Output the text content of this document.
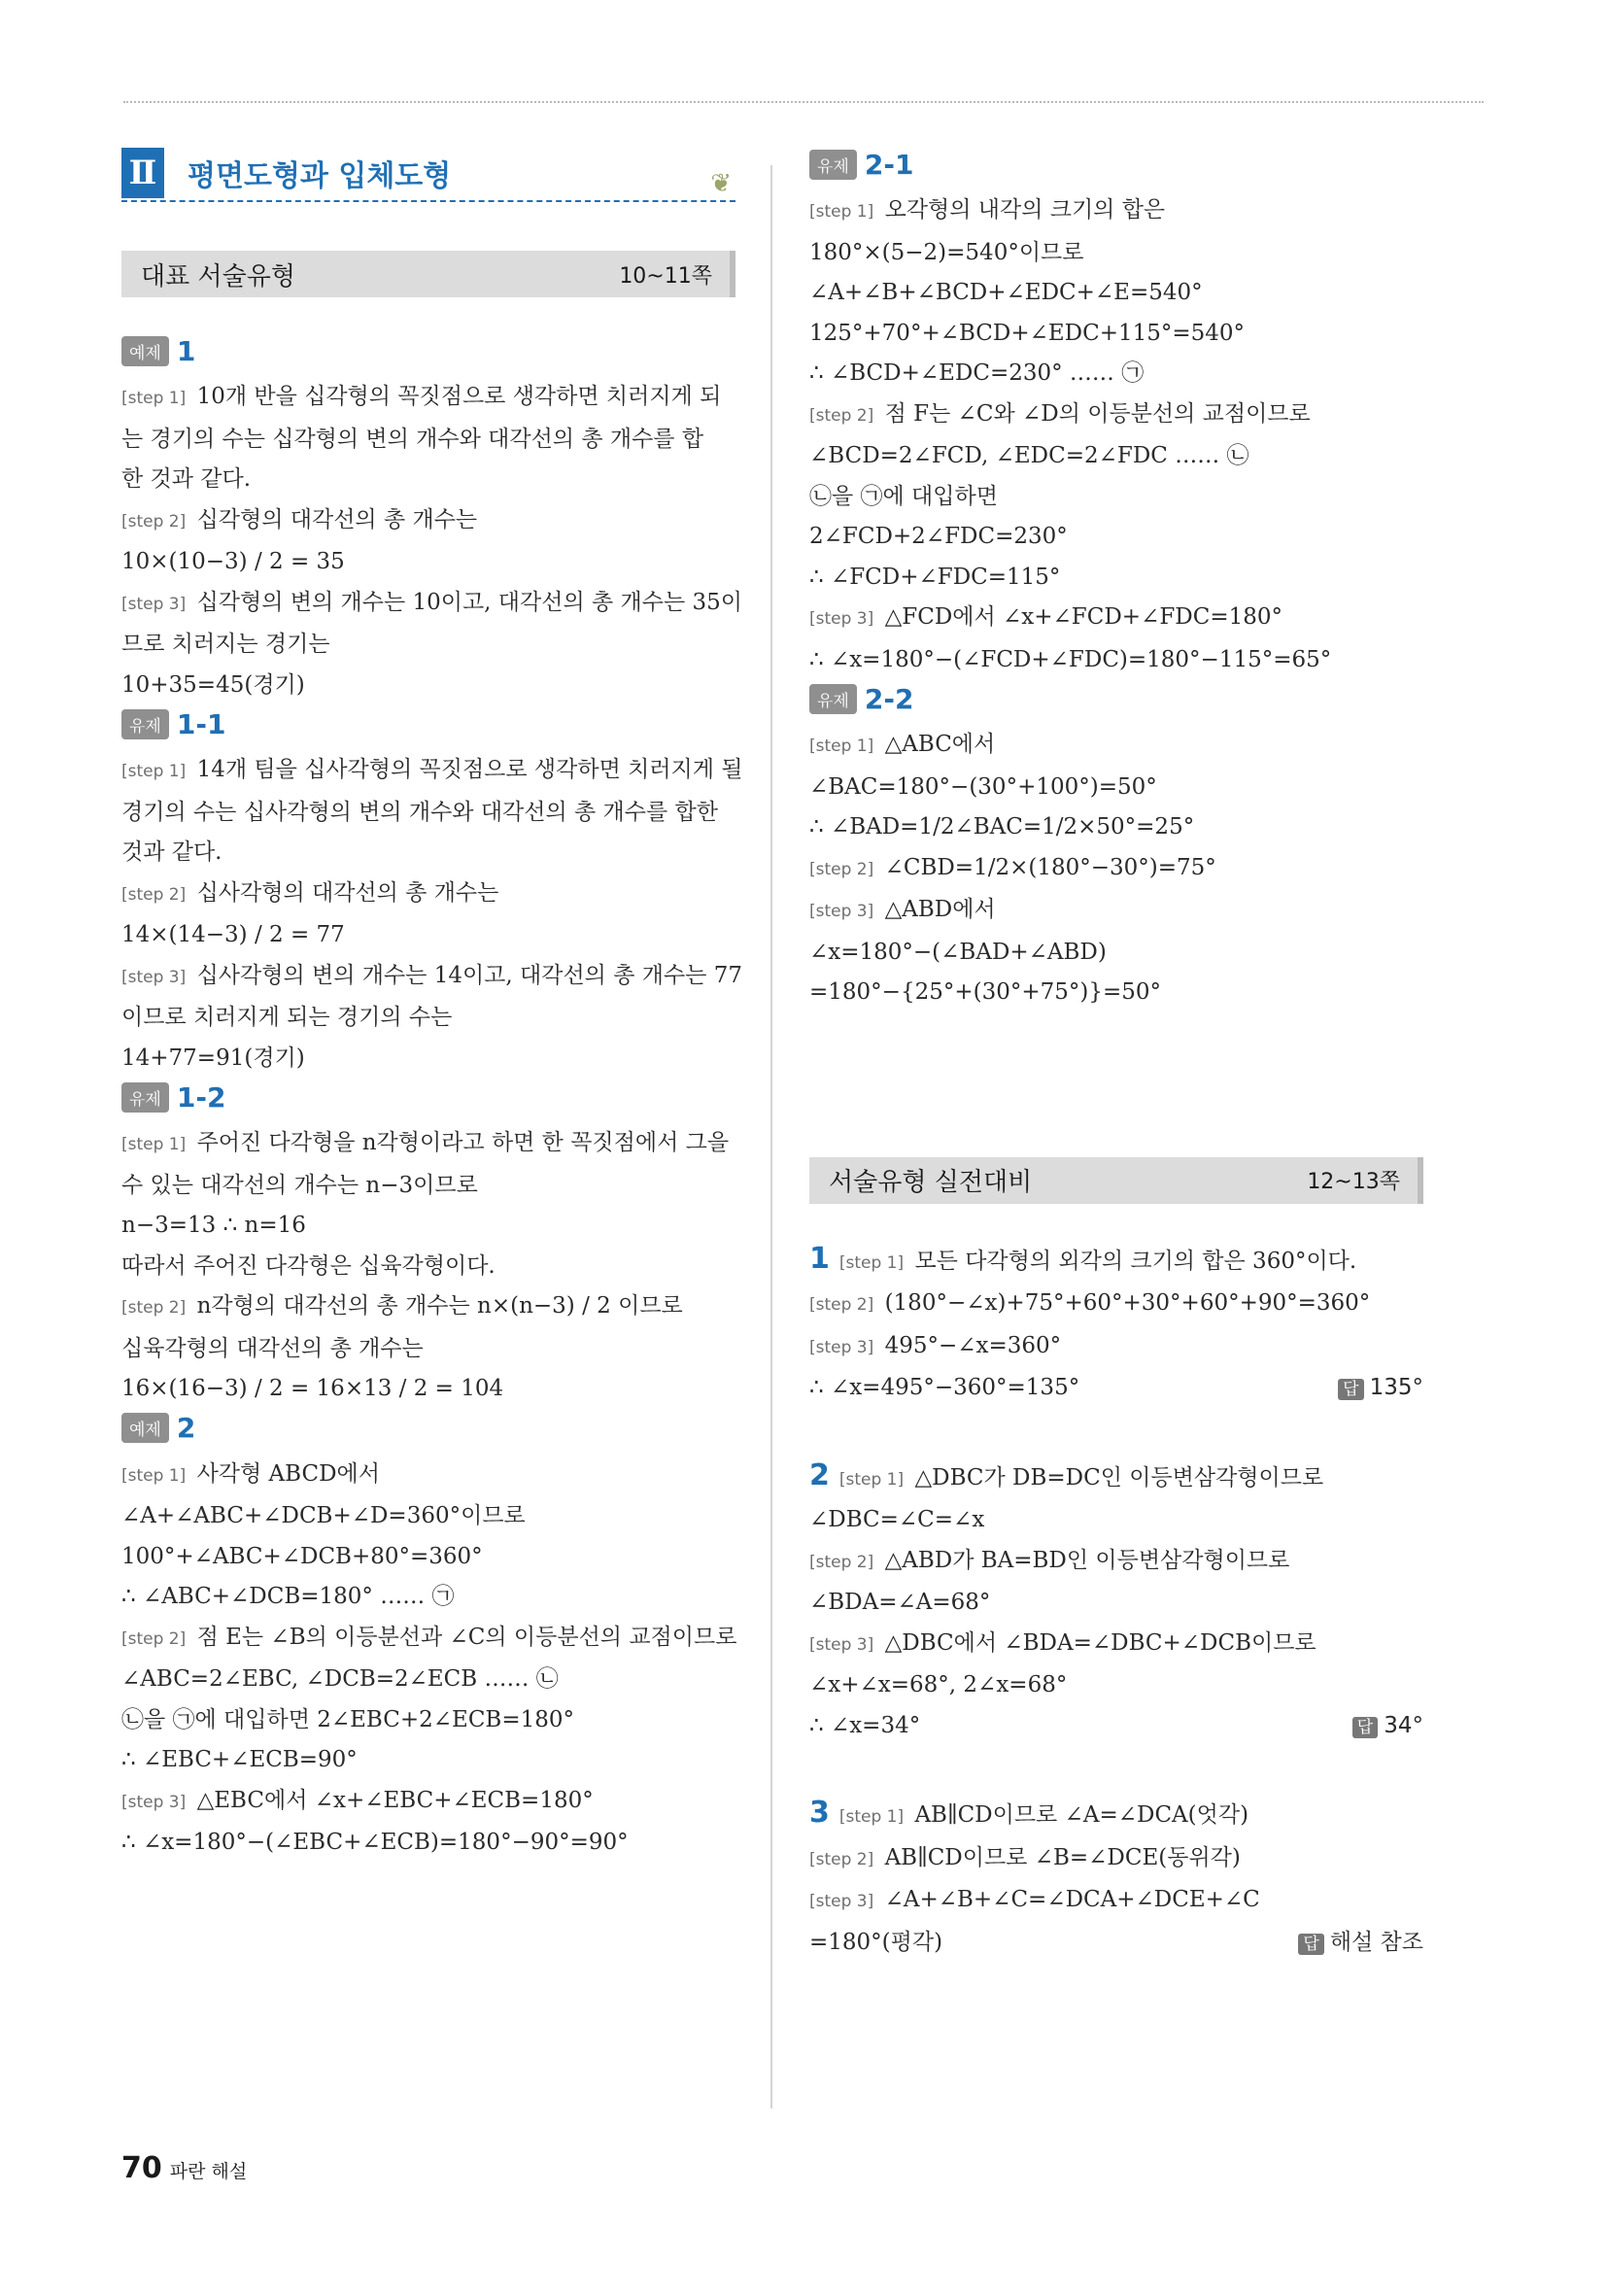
Ⅱ 평면도형과 입체도형	❦
대표 서술유형	10~11쪽
예제 1
[step 1] 10개 반을 십각형의 꼭짓점으로 생각하면 치러지게 되
는 경기의 수는 십각형의 변의 개수와 대각선의 총 개수를 합
한 것과 같다.
[step 2] 십각형의 대각선의 총 개수는
10×(10−3) / 2 = 35
[step 3] 십각형의 변의 개수는 10이고, 대각선의 총 개수는 35이
므로 치러지는 경기는
10+35=45(경기)
유제 1-1
[step 1] 14개 팀을 십사각형의 꼭짓점으로 생각하면 치러지게 될
경기의 수는 십사각형의 변의 개수와 대각선의 총 개수를 합한
것과 같다.
[step 2] 십사각형의 대각선의 총 개수는
14×(14−3) / 2 = 77
[step 3] 십사각형의 변의 개수는 14이고, 대각선의 총 개수는 77
이므로 치러지게 되는 경기의 수는
14+77=91(경기)
유제 1-2
[step 1] 주어진 다각형을 n각형이라고 하면 한 꼭짓점에서 그을
수 있는 대각선의 개수는 n−3이므로
n−3=13 ∴ n=16
따라서 주어진 다각형은 십육각형이다.
[step 2] n각형의 대각선의 총 개수는 n×(n−3) / 2 이므로
십육각형의 대각선의 총 개수는
16×(16−3) / 2 = 16×13 / 2 = 104
예제 2
[step 1] 사각형 ABCD에서
∠A+∠ABC+∠DCB+∠D=360°이므로
100°+∠ABC+∠DCB+80°=360°
∴ ∠ABC+∠DCB=180° …… ㉠
[step 2] 점 E는 ∠B의 이등분선과 ∠C의 이등분선의 교점이므로
∠ABC=2∠EBC, ∠DCB=2∠ECB …… ㉡
㉡을 ㉠에 대입하면 2∠EBC+2∠ECB=180°
∴ ∠EBC+∠ECB=90°
[step 3] △EBC에서 ∠x+∠EBC+∠ECB=180°
∴ ∠x=180°−(∠EBC+∠ECB)=180°−90°=90°
유제 2-1
[step 1] 오각형의 내각의 크기의 합은
180°×(5−2)=540°이므로
∠A+∠B+∠BCD+∠EDC+∠E=540°
125°+70°+∠BCD+∠EDC+115°=540°
∴ ∠BCD+∠EDC=230° …… ㉠
[step 2] 점 F는 ∠C와 ∠D의 이등분선의 교점이므로
∠BCD=2∠FCD, ∠EDC=2∠FDC …… ㉡
㉡을 ㉠에 대입하면
2∠FCD+2∠FDC=230°
∴ ∠FCD+∠FDC=115°
[step 3] △FCD에서 ∠x+∠FCD+∠FDC=180°
∴ ∠x=180°−(∠FCD+∠FDC)=180°−115°=65°
유제 2-2
[step 1] △ABC에서
∠BAC=180°−(30°+100°)=50°
∴ ∠BAD=1/2∠BAC=1/2×50°=25°
[step 2] ∠CBD=1/2×(180°−30°)=75°
[step 3] △ABD에서
∠x=180°−(∠BAD+∠ABD)
=180°−{25°+(30°+75°)}=50°
서술유형 실전대비	12~13쪽
1 [step 1] 모든 다각형의 외각의 크기의 합은 360°이다.
[step 2] (180°−∠x)+75°+60°+30°+60°+90°=360°
[step 3] 495°−∠x=360°
∴ ∠x=495°−360°=135°	답 135°
2 [step 1] △DBC가 DB=DC인 이등변삼각형이므로
∠DBC=∠C=∠x
[step 2] △ABD가 BA=BD인 이등변삼각형이므로
∠BDA=∠A=68°
[step 3] △DBC에서 ∠BDA=∠DBC+∠DCB이므로
∠x+∠x=68°, 2∠x=68°
∴ ∠x=34°	답 34°
3 [step 1] AB∥CD이므로 ∠A=∠DCA(엇각)
[step 2] AB∥CD이므로 ∠B=∠DCE(동위각)
[step 3] ∠A+∠B+∠C=∠DCA+∠DCE+∠C
=180°(평각)	답 해설 참조
70 파란 해설
